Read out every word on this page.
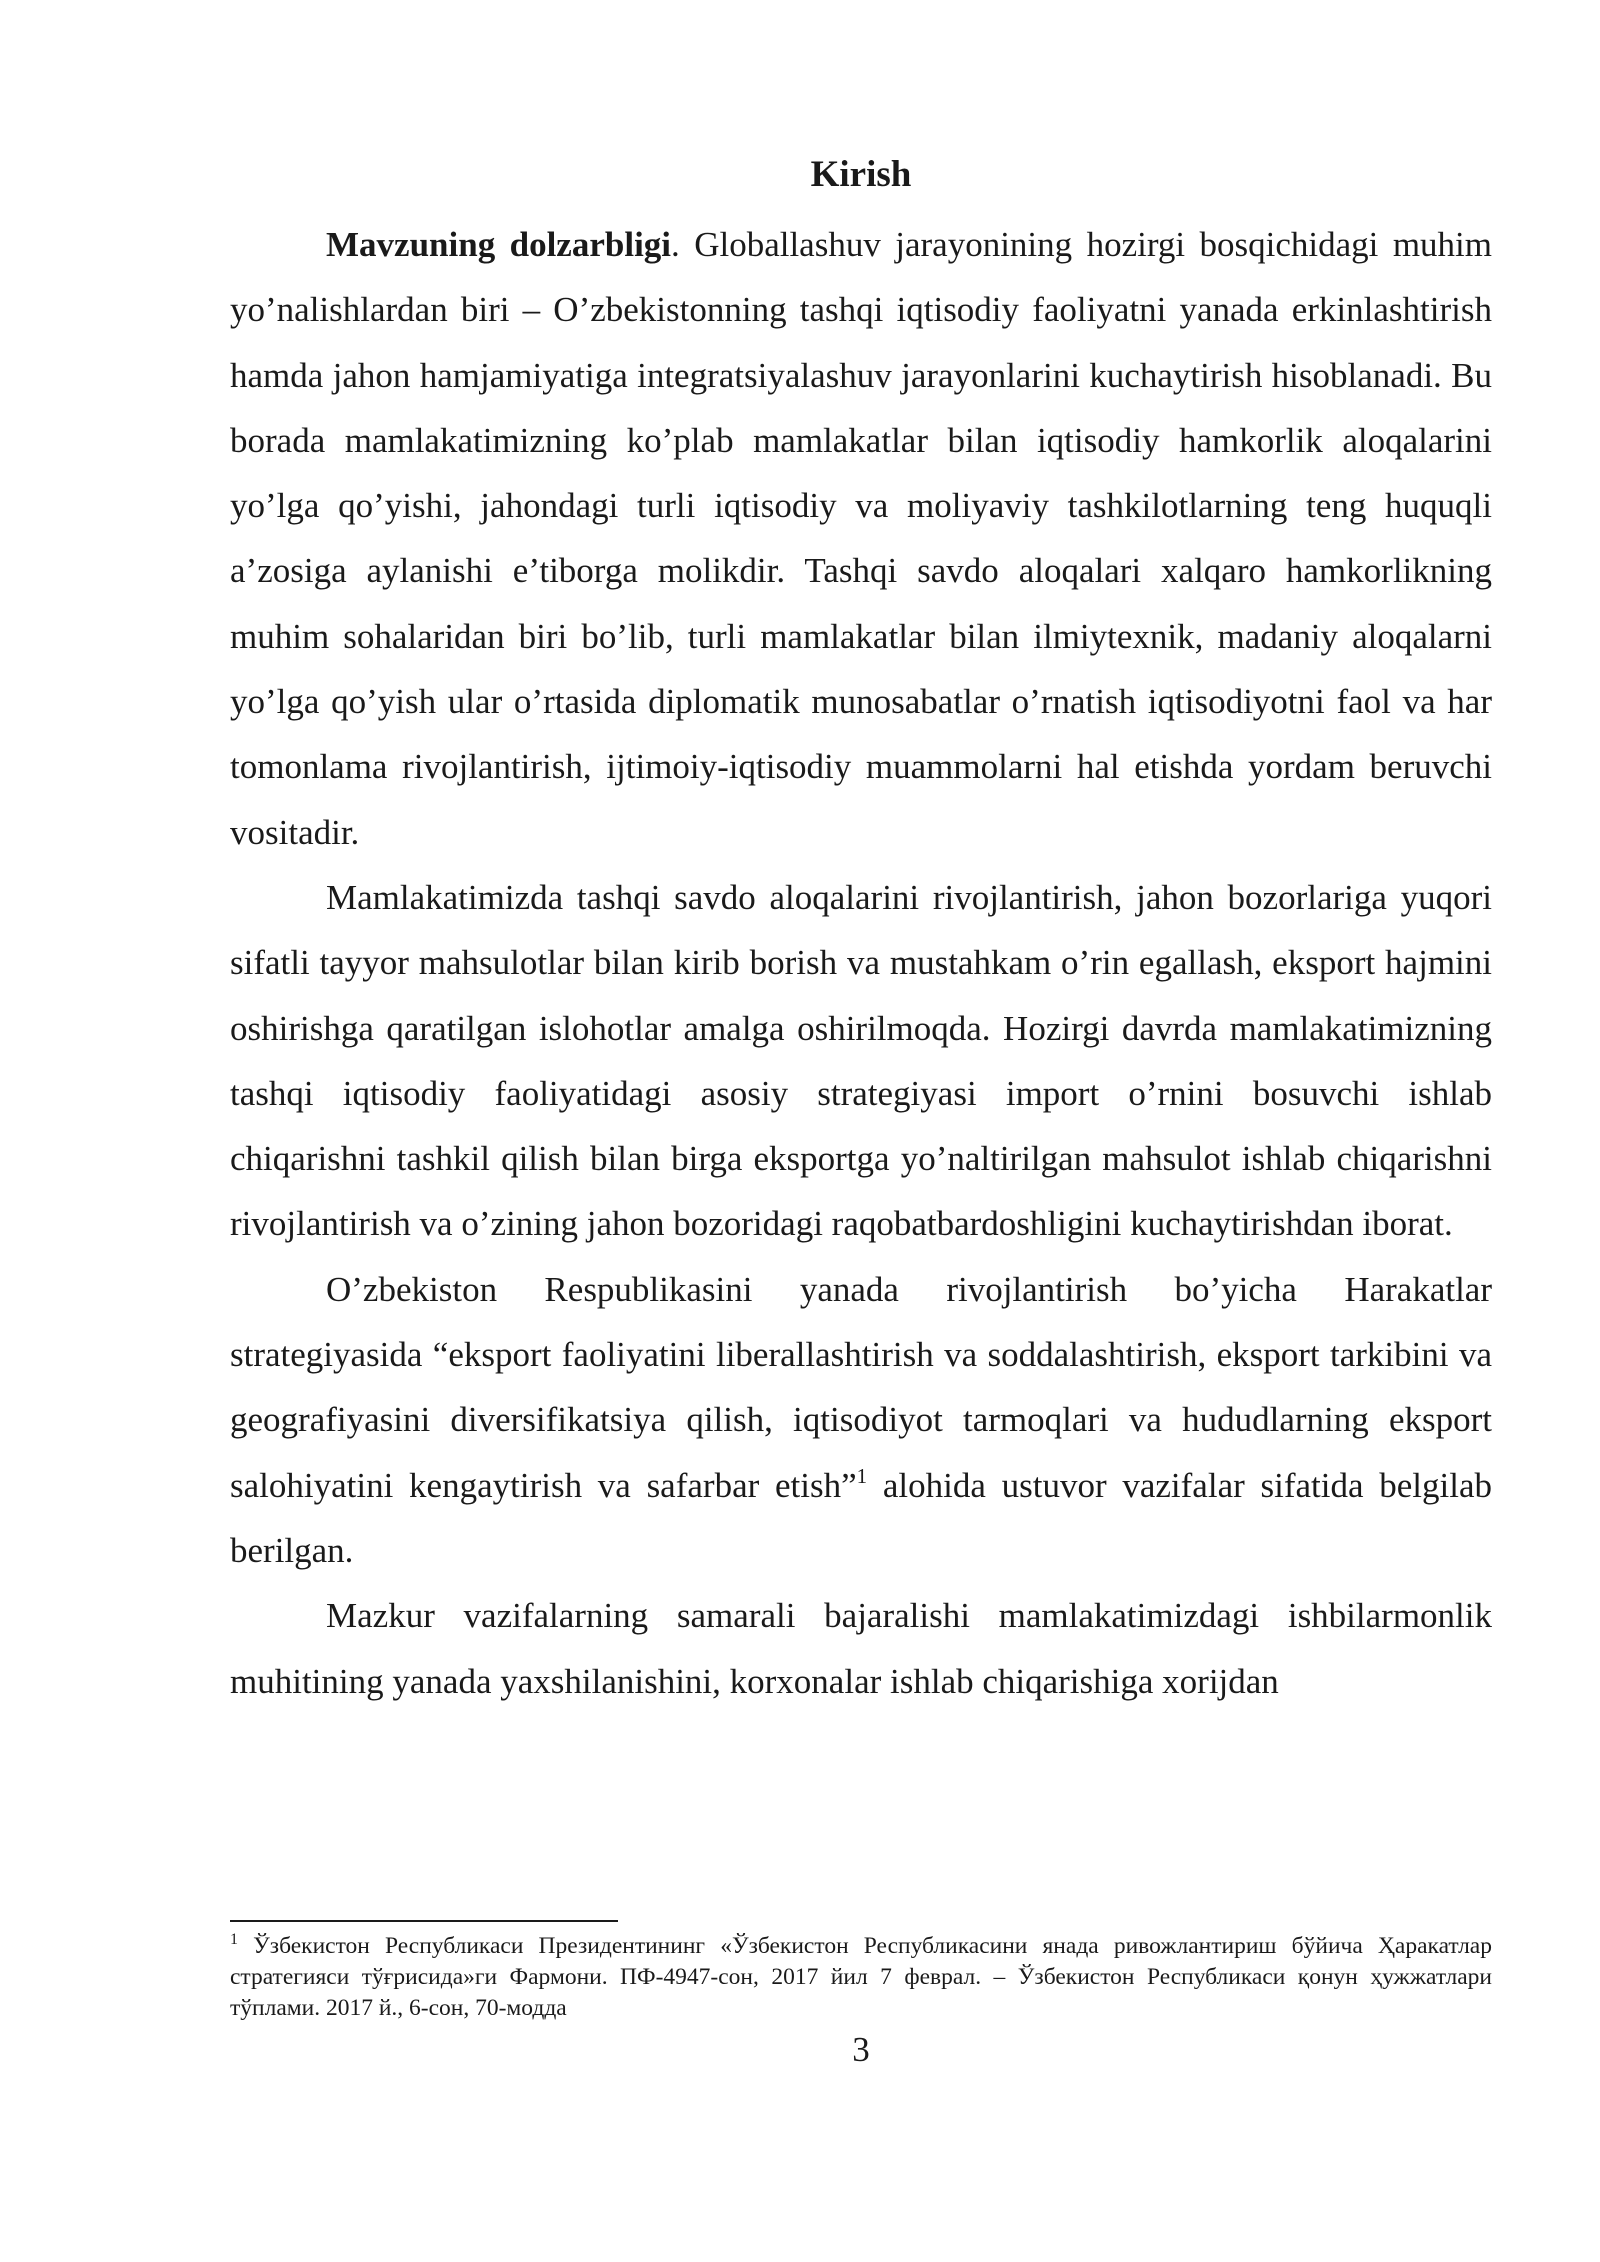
Kirish

Mavzuning dolzarbligi. Globallashuv jarayonining hozirgi bosqichidagi muhim yo’nalishlardan biri – O’zbekistonning tashqi iqtisodiy faoliyatni yanada erkinlashtirish hamda jahon hamjamiyatiga integratsiyalashuv jarayonlarini kuchaytirish hisoblanadi. Bu borada mamlakatimizning ko’plab mamlakatlar bilan iqtisodiy hamkorlik aloqalarini yo’lga qo’yishi, jahondagi turli iqtisodiy va moliyaviy tashkilotlarning teng huquqli a’zosiga aylanishi e’tiborga molikdir. Tashqi savdo aloqalari xalqaro hamkorlikning muhim sohalaridan biri bo’lib, turli mamlakatlar bilan ilmiytexnik, madaniy aloqalarni yo’lga qo’yish ular o’rtasida diplomatik munosabatlar o’rnatish iqtisodiyotni faol va har tomonlama rivojlantirish, ijtimoiy-iqtisodiy muammolarni hal etishda yordam beruvchi vositadir.

Mamlakatimizda tashqi savdo aloqalarini rivojlantirish, jahon bozorlariga yuqori sifatli tayyor mahsulotlar bilan kirib borish va mustahkam o’rin egallash, eksport hajmini oshirishga qaratilgan islohotlar amalga oshirilmoqda. Hozirgi davrda mamlakatimizning tashqi iqtisodiy faoliyatidagi asosiy strategiyasi import o’rnini bosuvchi ishlab chiqarishni tashkil qilish bilan birga eksportga yo’naltirilgan mahsulot ishlab chiqarishni rivojlantirish va o’zining jahon bozoridagi raqobatbardoshligini kuchaytirishdan iborat.

O’zbekiston Respublikasini yanada rivojlantirish bo’yicha Harakatlar strategiyasida “eksport faoliyatini liberallashtirish va soddalashtirish, eksport tarkibini va geografiyasini diversifikatsiya qilish, iqtisodiyot tarmoqlari va hududlarning eksport salohiyatini kengaytirish va safarbar etish”$^1$ alohida ustuvor vazifalar sifatida belgilab berilgan.

Mazkur vazifalarning samarali bajaralishi mamlakatimizdagi ishbilarmonlik muhitining yanada yaxshilanishini, korxonalar ishlab chiqarishiga xorijdan

$^1$ Ўзбекистон Республикаси Президентининг «Ўзбекистон Республикасини янада ривожлантириш бўйича Ҳаракатлар стратегияси тўғрисида»ги Фармони. ПФ-4947-сон, 2017 йил 7 феврал. – Ўзбекистон Республикаси қонун ҳужжатлари тўплами. 2017 й., 6-сон, 70-модда

3
